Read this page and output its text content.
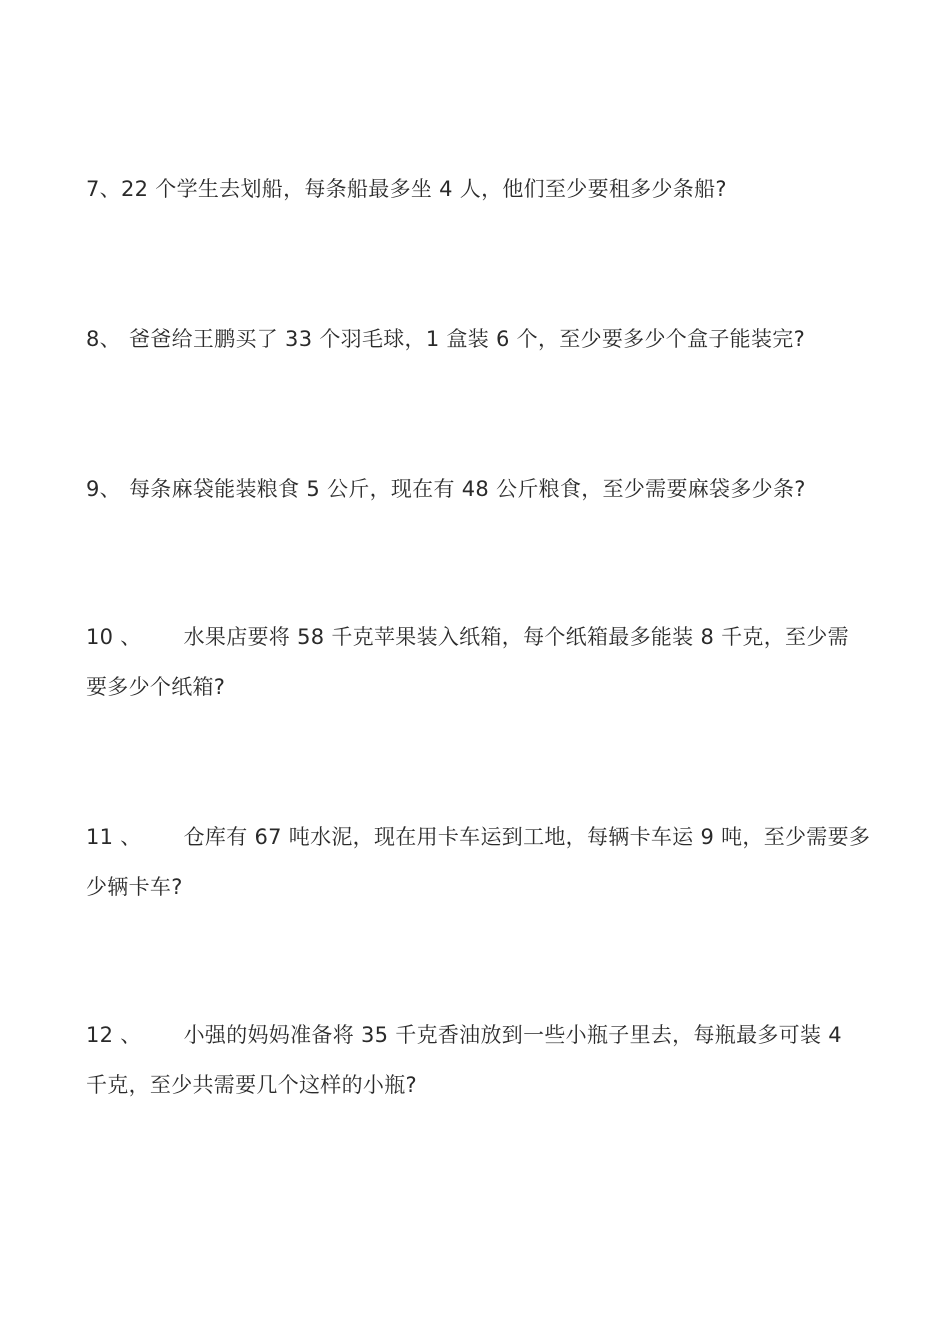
7、22 个学生去划船，每条船最多坐 4 人，他们至少要租多少条船?
8、 爸爸给王鹏买了 33 个羽毛球，1 盒装 6 个，至少要多少个盒子能装完?
9、 每条麻袋能装粮食 5 公斤，现在有 48 公斤粮食，至少需要麻袋多少条?
10 、 水果店要将 58 千克苹果装入纸箱，每个纸箱最多能装 8 千克，至少需
要多少个纸箱?
11 、 仓库有 67 吨水泥，现在用卡车运到工地，每辆卡车运 9 吨，至少需要多
少辆卡车?
12 、 小强的妈妈准备将 35 千克香油放到一些小瓶子里去，每瓶最多可装 4
千克，至少共需要几个这样的小瓶?
